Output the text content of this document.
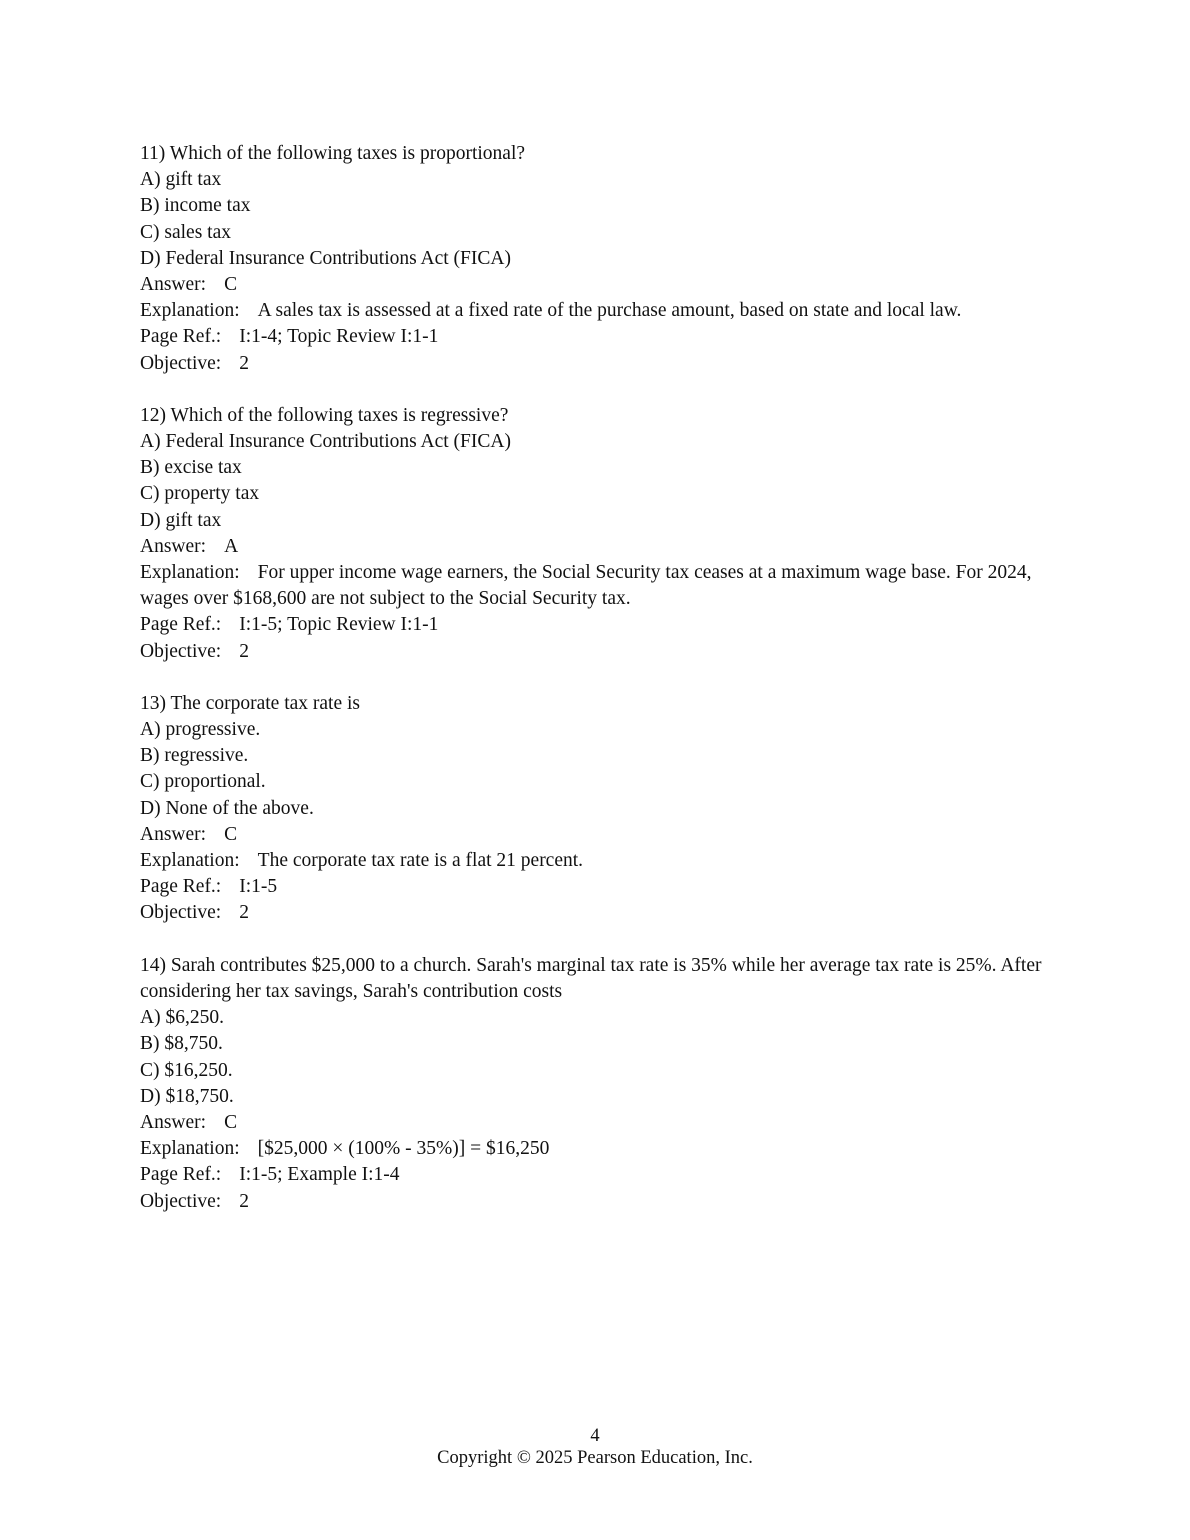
11) Which of the following taxes is proportional?
A) gift tax
B) income tax
C) sales tax
D) Federal Insurance Contributions Act (FICA)
Answer: C
Explanation: A sales tax is assessed at a fixed rate of the purchase amount, based on state and local law.
Page Ref.: I:1-4; Topic Review I:1-1
Objective: 2
12) Which of the following taxes is regressive?
A) Federal Insurance Contributions Act (FICA)
B) excise tax
C) property tax
D) gift tax
Answer: A
Explanation: For upper income wage earners, the Social Security tax ceases at a maximum wage base. For 2024, wages over $168,600 are not subject to the Social Security tax.
Page Ref.: I:1-5; Topic Review I:1-1
Objective: 2
13) The corporate tax rate is
A) progressive.
B) regressive.
C) proportional.
D) None of the above.
Answer: C
Explanation: The corporate tax rate is a flat 21 percent.
Page Ref.: I:1-5
Objective: 2
14) Sarah contributes $25,000 to a church. Sarah's marginal tax rate is 35% while her average tax rate is 25%. After considering her tax savings, Sarah's contribution costs
A) $6,250.
B) $8,750.
C) $16,250.
D) $18,750.
Answer: C
Explanation: [$25,000 × (100% - 35%)] = $16,250
Page Ref.: I:1-5; Example I:1-4
Objective: 2
4
Copyright © 2025 Pearson Education, Inc.
